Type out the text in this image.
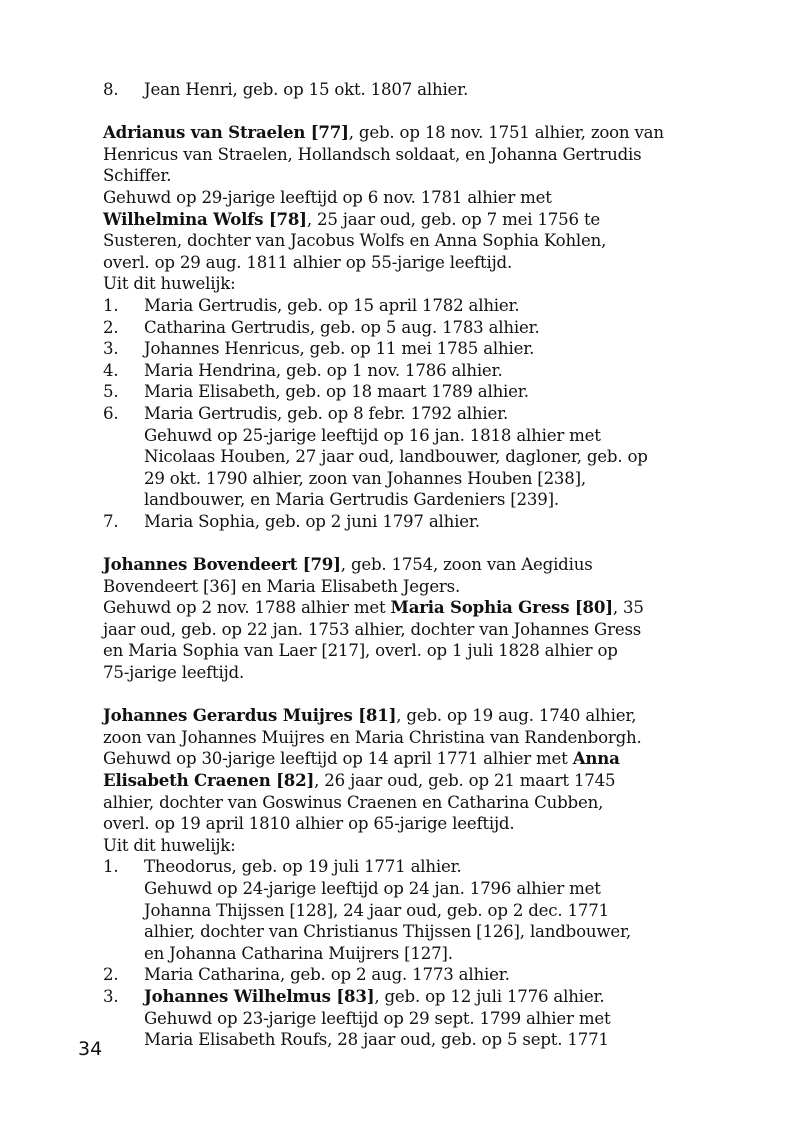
8. Jean Henri, geb. op 15 okt. 1807 alhier.
Adrianus van Straelen [77], geb. op 18 nov. 1751 alhier, zoon van
Henricus van Straelen, Hollandsch soldaat, en Johanna Gertrudis
Schiffer.
Gehuwd op 29-jarige leeftijd op 6 nov. 1781 alhier met
Wilhelmina Wolfs [78], 25 jaar oud, geb. op 7 mei 1756 te
Susteren, dochter van Jacobus Wolfs en Anna Sophia Kohlen,
overl. op 29 aug. 1811 alhier op 55-jarige leeftijd.
Uit dit huwelijk:
1. Maria Gertrudis, geb. op 15 april 1782 alhier.
2. Catharina Gertrudis, geb. op 5 aug. 1783 alhier.
3. Johannes Henricus, geb. op 11 mei 1785 alhier.
4. Maria Hendrina, geb. op 1 nov. 1786 alhier.
5. Maria Elisabeth, geb. op 18 maart 1789 alhier.
6. Maria Gertrudis, geb. op 8 febr. 1792 alhier.
Gehuwd op 25-jarige leeftijd op 16 jan. 1818 alhier met
Nicolaas Houben, 27 jaar oud, landbouwer, dagloner, geb. op
29 okt. 1790 alhier, zoon van Johannes Houben [238],
landbouwer, en Maria Gertrudis Gardeniers [239].
7. Maria Sophia, geb. op 2 juni 1797 alhier.
Johannes Bovendeert [79], geb. 1754, zoon van Aegidius
Bovendeert [36] en Maria Elisabeth Jegers.
Gehuwd op 2 nov. 1788 alhier met Maria Sophia Gress [80], 35
jaar oud, geb. op 22 jan. 1753 alhier, dochter van Johannes Gress
en Maria Sophia van Laer [217], overl. op 1 juli 1828 alhier op
75-jarige leeftijd.
Johannes Gerardus Muijres [81], geb. op 19 aug. 1740 alhier,
zoon van Johannes Muijres en Maria Christina van Randenborgh.
Gehuwd op 30-jarige leeftijd op 14 april 1771 alhier met Anna
Elisabeth Craenen [82], 26 jaar oud, geb. op 21 maart 1745
alhier, dochter van Goswinus Craenen en Catharina Cubben,
overl. op 19 april 1810 alhier op 65-jarige leeftijd.
Uit dit huwelijk:
1. Theodorus, geb. op 19 juli 1771 alhier.
Gehuwd op 24-jarige leeftijd op 24 jan. 1796 alhier met
Johanna Thijssen [128], 24 jaar oud, geb. op 2 dec. 1771
alhier, dochter van Christianus Thijssen [126], landbouwer,
en Johanna Catharina Muijrers [127].
2. Maria Catharina, geb. op 2 aug. 1773 alhier.
3. Johannes Wilhelmus [83], geb. op 12 juli 1776 alhier.
Gehuwd op 23-jarige leeftijd op 29 sept. 1799 alhier met
Maria Elisabeth Roufs, 28 jaar oud, geb. op 5 sept. 1771
34
